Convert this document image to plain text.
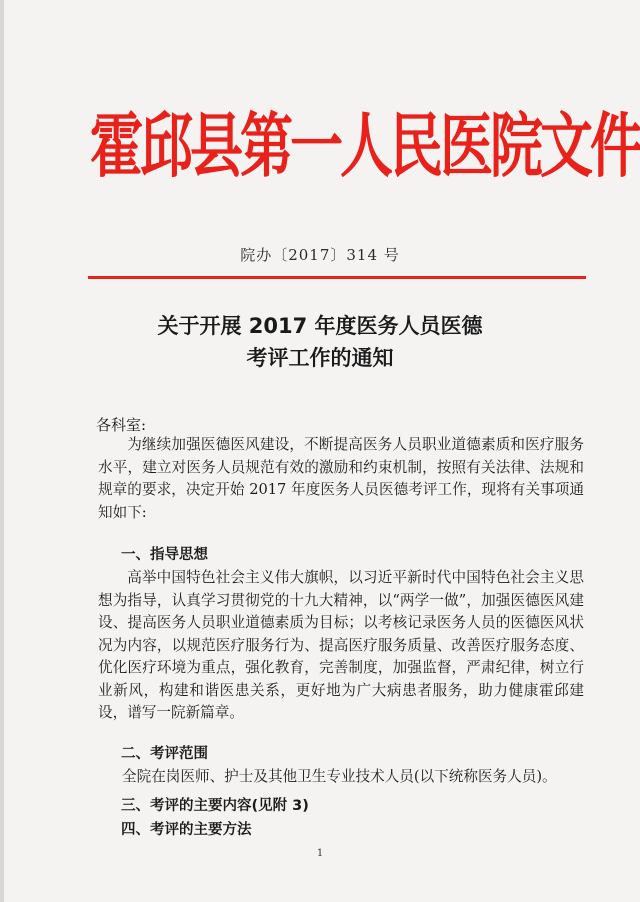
霍邱县第一人民医院文件
院办〔2017〕314 号
关于开展 2017 年度医务人员医德
考评工作的通知
各科室:

为继续加强医德医风建设，不断提高医务人员职业道德素质和医疗服务水平，建立对医务人员规范有效的激励和约束机制，按照有关法律、法规和规章的要求，决定开始 2017 年度医务人员医德考评工作，现将有关事项通知如下:

一、指导思想

高举中国特色社会主义伟大旗帜，以习近平新时代中国特色社会主义思想为指导，认真学习贯彻党的十九大精神，以“两学一做”，加强医德医风建设、提高医务人员职业道德素质为目标；以考核记录医务人员的医德医风状况为内容，以规范医疗服务行为、提高医疗服务质量、改善医疗服务态度、优化医疗环境为重点，强化教育，完善制度，加强监督，严肃纪律，树立行业新风，构建和谐医患关系，更好地为广大病患者服务，助力健康霍邱建设，谱写一院新篇章。

二、考评范围
全院在岗医师、护士及其他卫生专业技术人员(以下统称医务人员)。
三、考评的主要内容(见附 3)
四、考评的主要方法
1
